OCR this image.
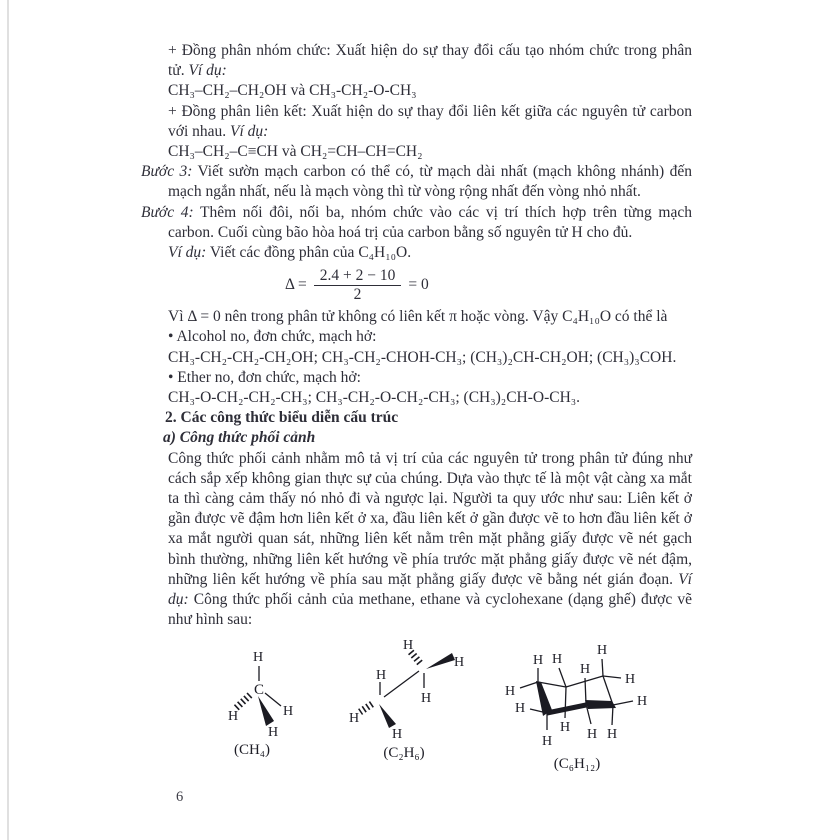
+ Đồng phân nhóm chức: Xuất hiện do sự thay đổi cấu tạo nhóm chức trong phân tử. Ví dụ:

CH₃–CH₂–CH₂OH và CH₃-CH₂-O-CH₃

+ Đồng phân liên kết: Xuất hiện do sự thay đổi liên kết giữa các nguyên tử carbon với nhau. Ví dụ:

CH₃–CH₂–C≡CH và CH₂=CH–CH=CH₂

Bước 3: Viết sườn mạch carbon có thể có, từ mạch dài nhất (mạch không nhánh) đến mạch ngắn nhất, nếu là mạch vòng thì từ vòng rộng nhất đến vòng nhỏ nhất.

Bước 4: Thêm nối đôi, nối ba, nhóm chức vào các vị trí thích hợp trên từng mạch carbon. Cuối cùng bão hòa hoá trị của carbon bằng số nguyên tử H cho đủ.

Ví dụ: Viết các đồng phân của C₄H₁₀O.

$\Delta = \frac{2.4 + 2 - 10}{2} = 0$

Vì Δ = 0 nên trong phân tử không có liên kết π hoặc vòng. Vậy C₄H₁₀O có thể là

• Alcohol no, đơn chức, mạch hở:

CH₃-CH₂-CH₂-CH₂OH; CH₃-CH₂-CHOH-CH₃; (CH₃)₂CH-CH₂OH; (CH₃)₃COH.

• Ether no, đơn chức, mạch hở:

CH₃-O-CH₂-CH₂-CH₃; CH₃-CH₂-O-CH₂-CH₃; (CH₃)₂CH-O-CH₃.

2. Các công thức biểu diễn cấu trúc

a) Công thức phối cảnh

Công thức phối cảnh nhằm mô tả vị trí của các nguyên tử trong phân tử đúng như cách sắp xếp không gian thực sự của chúng. Dựa vào thực tế là một vật càng xa mắt ta thì càng cảm thấy nó nhỏ đi và ngược lại. Người ta quy ước như sau: Liên kết ở gần được vẽ đậm hơn liên kết ở xa, đầu liên kết ở gần được vẽ to hơn đầu liên kết ở xa mắt người quan sát, những liên kết nằm trên mặt phẳng giấy được vẽ nét gạch bình thường, những liên kết hướng về phía trước mặt phẳng giấy được vẽ nét đậm, những liên kết hướng về phía sau mặt phẳng giấy được vẽ bằng nét gián đoạn. Ví dụ: Công thức phối cảnh của methane, ethane và cyclohexane (dạng ghế) được vẽ như hình sau:

C
H
H	H
H
(CH₄)
H
H
H
H
H
H
(C₂H₆)
H H
H
H
H
H
H	H
H H
H	H
(C₆H₁₂)
6
